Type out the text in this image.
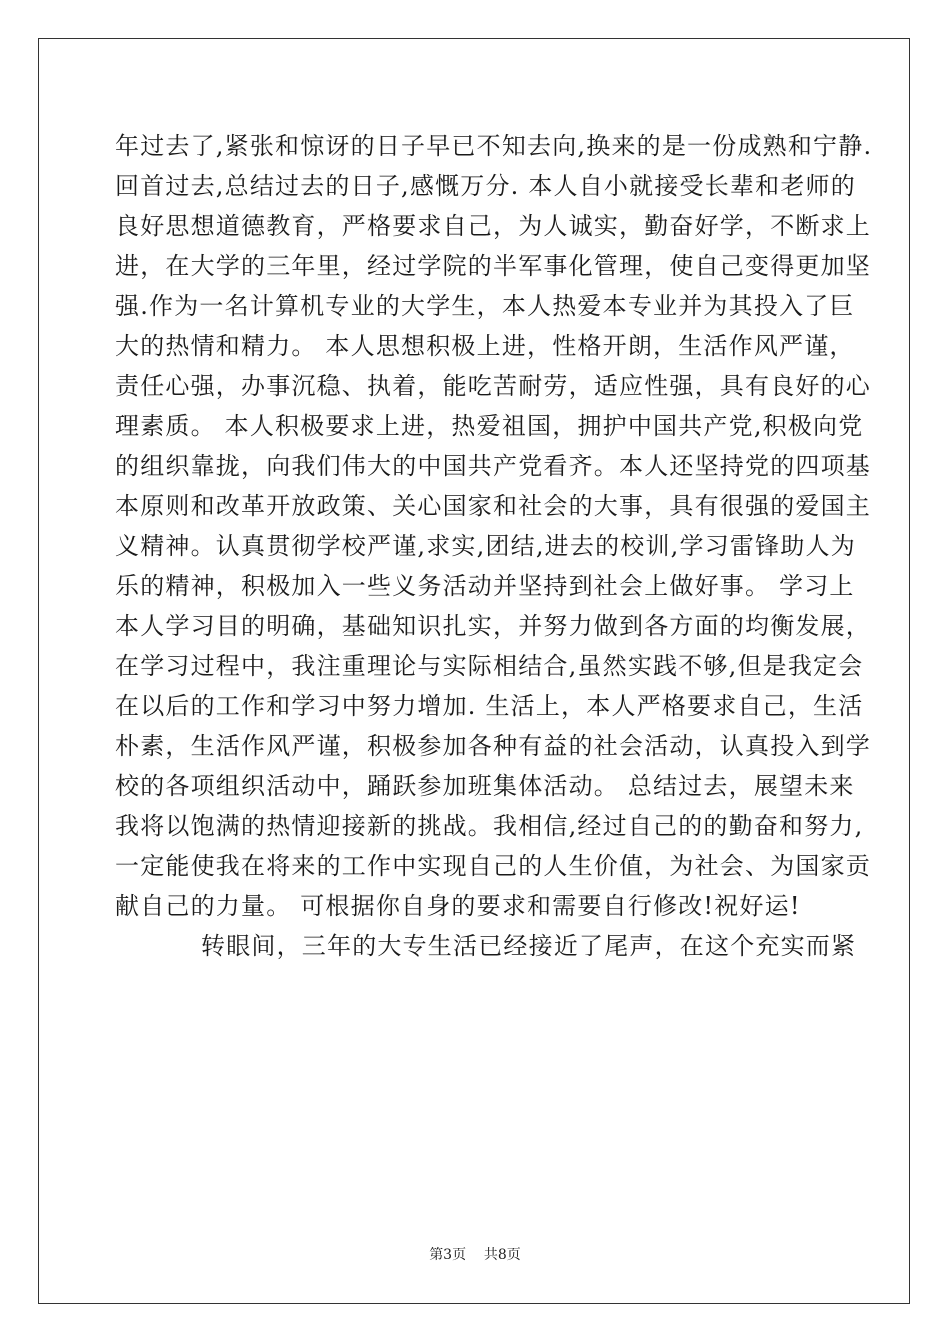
年过去了,紧张和惊讶的日子早已不知去向,换来的是一份成熟和宁静.
回首过去,总结过去的日子,感慨万分. 本人自小就接受长辈和老师的
良好思想道德教育，严格要求自己，为人诚实，勤奋好学，不断求上
进，在大学的三年里，经过学院的半军事化管理，使自己变得更加坚
强.作为一名计算机专业的大学生，本人热爱本专业并为其投入了巨
大的热情和精力。 本人思想积极上进，性格开朗，生活作风严谨，
责任心强，办事沉稳、执着，能吃苦耐劳，适应性强，具有良好的心
理素质。 本人积极要求上进，热爱祖国，拥护中国共产党,积极向党
的组织靠拢，向我们伟大的中国共产党看齐。本人还坚持党的四项基
本原则和改革开放政策、关心国家和社会的大事，具有很强的爱国主
义精神。认真贯彻学校严谨,求实,团结,进去的校训,学习雷锋助人为
乐的精神，积极加入一些义务活动并坚持到社会上做好事。 学习上
本人学习目的明确，基础知识扎实，并努力做到各方面的均衡发展，
在学习过程中，我注重理论与实际相结合,虽然实践不够,但是我定会
在以后的工作和学习中努力增加. 生活上，本人严格要求自己，生活
朴素，生活作风严谨，积极参加各种有益的社会活动，认真投入到学
校的各项组织活动中，踊跃参加班集体活动。 总结过去，展望未来
我将以饱满的热情迎接新的挑战。我相信,经过自己的的勤奋和努力,
一定能使我在将来的工作中实现自己的人生价值，为社会、为国家贡
献自己的力量。 可根据你自身的要求和需要自行修改!祝好运!
转眼间，三年的大专生活已经接近了尾声，在这个充实而紧
第3页    共8页
